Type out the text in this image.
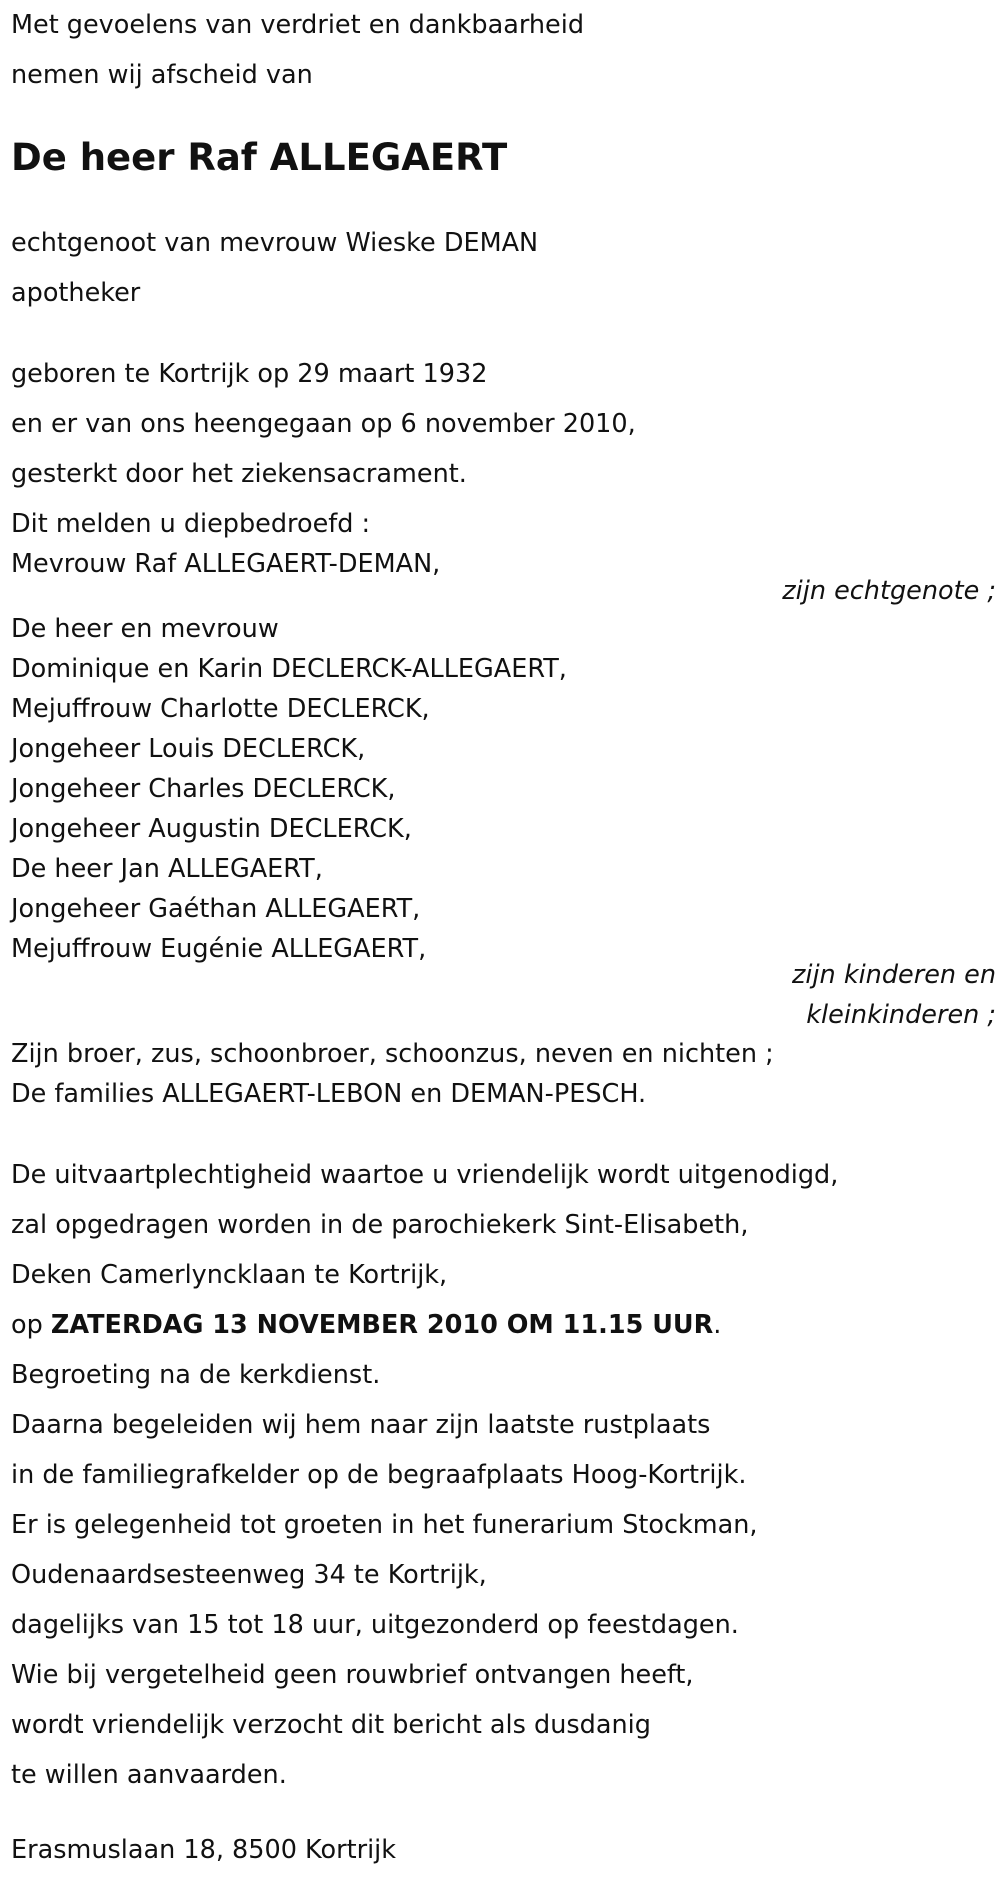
Met gevoelens van verdriet en dankbaarheid
nemen wij afscheid van
De heer Raf ALLEGAERT
echtgenoot van mevrouw Wieske DEMAN
apotheker
geboren te Kortrijk op 29 maart 1932
en er van ons heengegaan op 6 november 2010,
gesterkt door het ziekensacrament.
Dit melden u diepbedroefd :
Mevrouw Raf ALLEGAERT-DEMAN,
zijn echtgenote ;
De heer en mevrouw
Dominique en Karin DECLERCK-ALLEGAERT,
Mejuffrouw Charlotte DECLERCK,
Jongeheer Louis DECLERCK,
Jongeheer Charles DECLERCK,
Jongeheer Augustin DECLERCK,
De heer Jan ALLEGAERT,
Jongeheer Gaéthan ALLEGAERT,
Mejuffrouw Eugénie ALLEGAERT,
zijn kinderen en
kleinkinderen ;
Zijn broer, zus, schoonbroer, schoonzus, neven en nichten ;
De families ALLEGAERT-LEBON en DEMAN-PESCH.
De uitvaartplechtigheid waartoe u vriendelijk wordt uitgenodigd,
zal opgedragen worden in de parochiekerk Sint-Elisabeth,
Deken Camerlyncklaan te Kortrijk,
op ZATERDAG 13 NOVEMBER 2010 OM 11.15 UUR.
Begroeting na de kerkdienst.
Daarna begeleiden wij hem naar zijn laatste rustplaats
in de familiegrafkelder op de begraafplaats Hoog-Kortrijk.
Er is gelegenheid tot groeten in het funerarium Stockman,
Oudenaardsesteenweg 34 te Kortrijk,
dagelijks van 15 tot 18 uur, uitgezonderd op feestdagen.
Wie bij vergetelheid geen rouwbrief ontvangen heeft,
wordt vriendelijk verzocht dit bericht als dusdanig
te willen aanvaarden.
Erasmuslaan 18, 8500 Kortrijk
